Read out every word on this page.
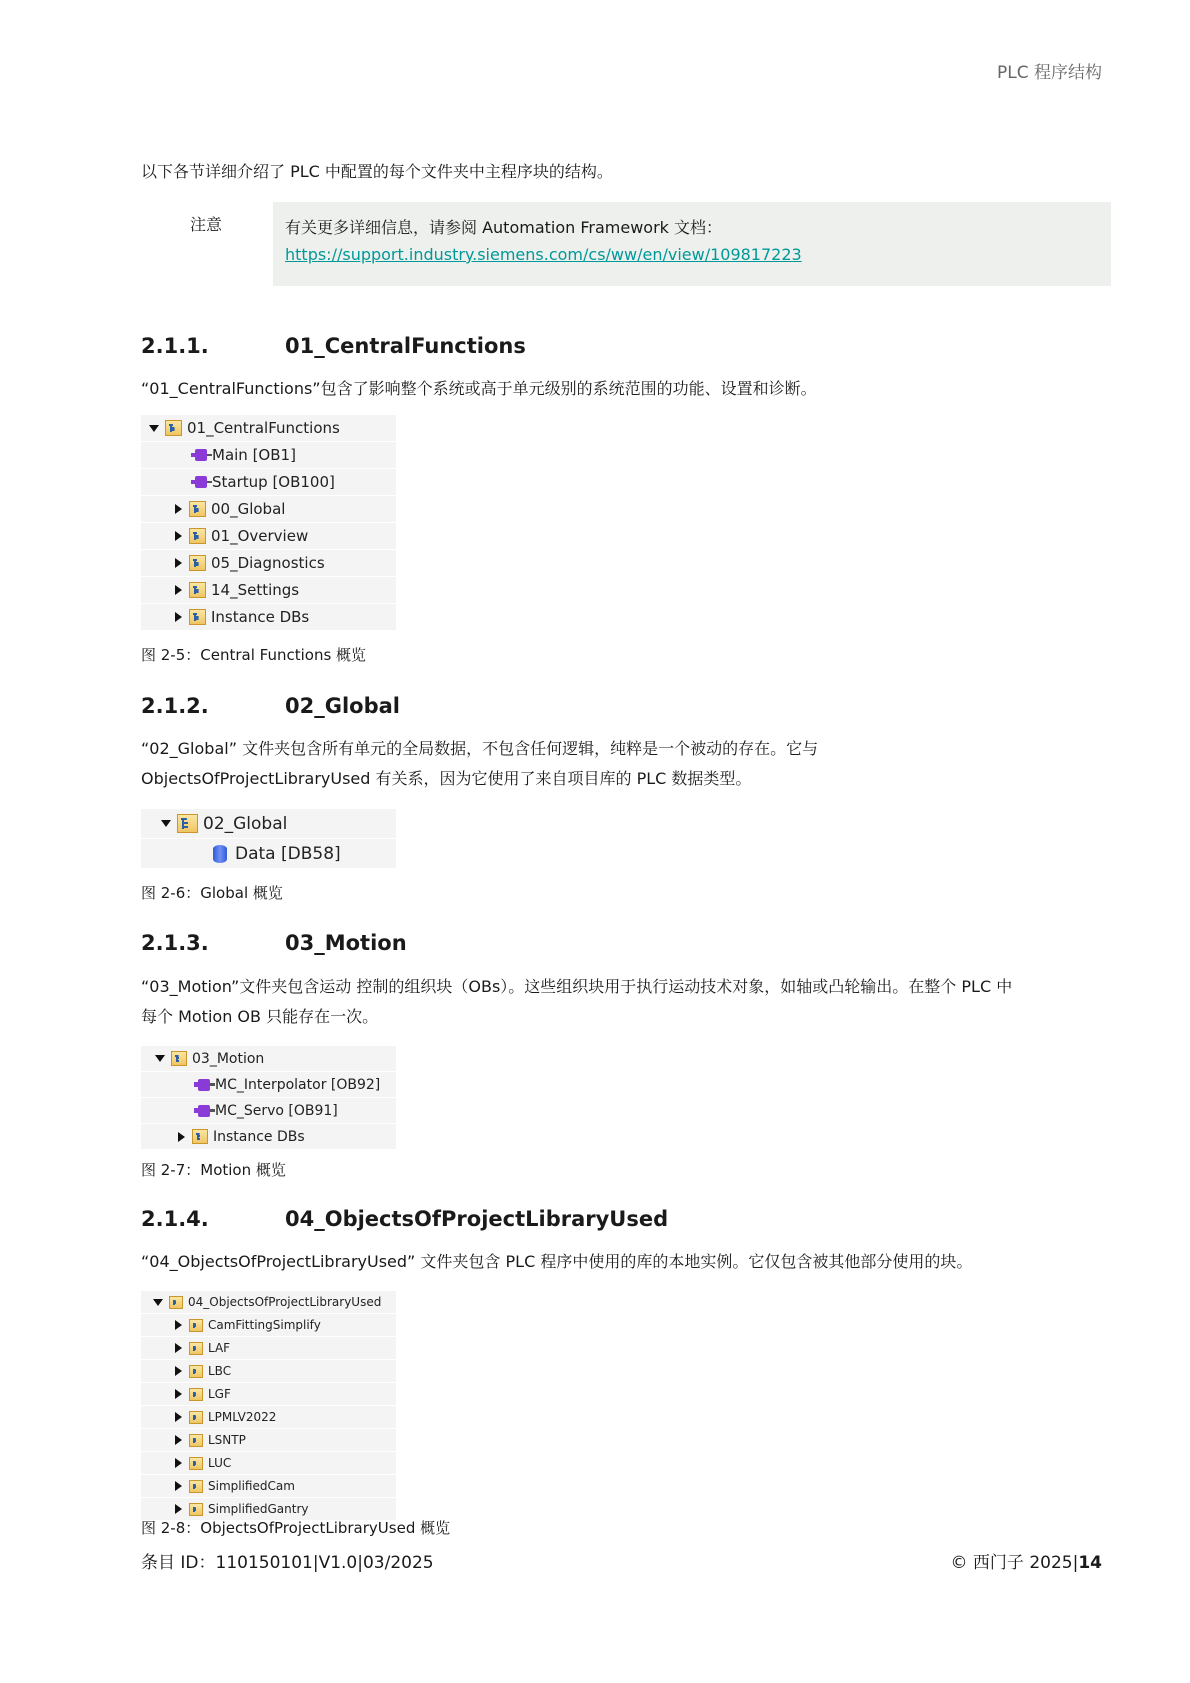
PLC 程序结构
以下各节详细介绍了 PLC 中配置的每个文件夹中主程序块的结构。
注意	有关更多详细信息，请参阅 Automation Framework 文档：
https://support.industry.siemens.com/cs/ww/en/view/109817223
2.1.1.	01_CentralFunctions
“01_CentralFunctions”包含了影响整个系统或高于单元级别的系统范围的功能、设置和诊断。
01_CentralFunctions
Main [OB1]
Startup [OB100]
00_Global
01_Overview
05_Diagnostics
14_Settings
Instance DBs
图 2-5：Central Functions 概览
2.1.2.	02_Global
“02_Global” 文件夹包含所有单元的全局数据，不包含任何逻辑，纯粹是一个被动的存在。它与
ObjectsOfProjectLibraryUsed 有关系，因为它使用了来自项目库的 PLC 数据类型。
02_Global
Data [DB58]
图 2-6：Global 概览
2.1.3.	03_Motion
“03_Motion”文件夹包含运动 控制的组织块（OBs）。这些组织块用于执行运动技术对象，如轴或凸轮输出。在整个 PLC 中
每个 Motion OB 只能存在一次。
03_Motion
MC_Interpolator [OB92]
MC_Servo [OB91]
Instance DBs
图 2-7：Motion 概览
2.1.4.	04_ObjectsOfProjectLibraryUsed
“04_ObjectsOfProjectLibraryUsed” 文件夹包含 PLC 程序中使用的库的本地实例。它仅包含被其他部分使用的块。
04_ObjectsOfProjectLibraryUsed
CamFittingSimplify
LAF
LBC
LGF
LPMLV2022
LSNTP
LUC
SimplifiedCam
SimplifiedGantry
图 2-8：ObjectsOfProjectLibraryUsed 概览
条目 ID：110150101|V1.0|03/2025	© 西门子 2025|14
